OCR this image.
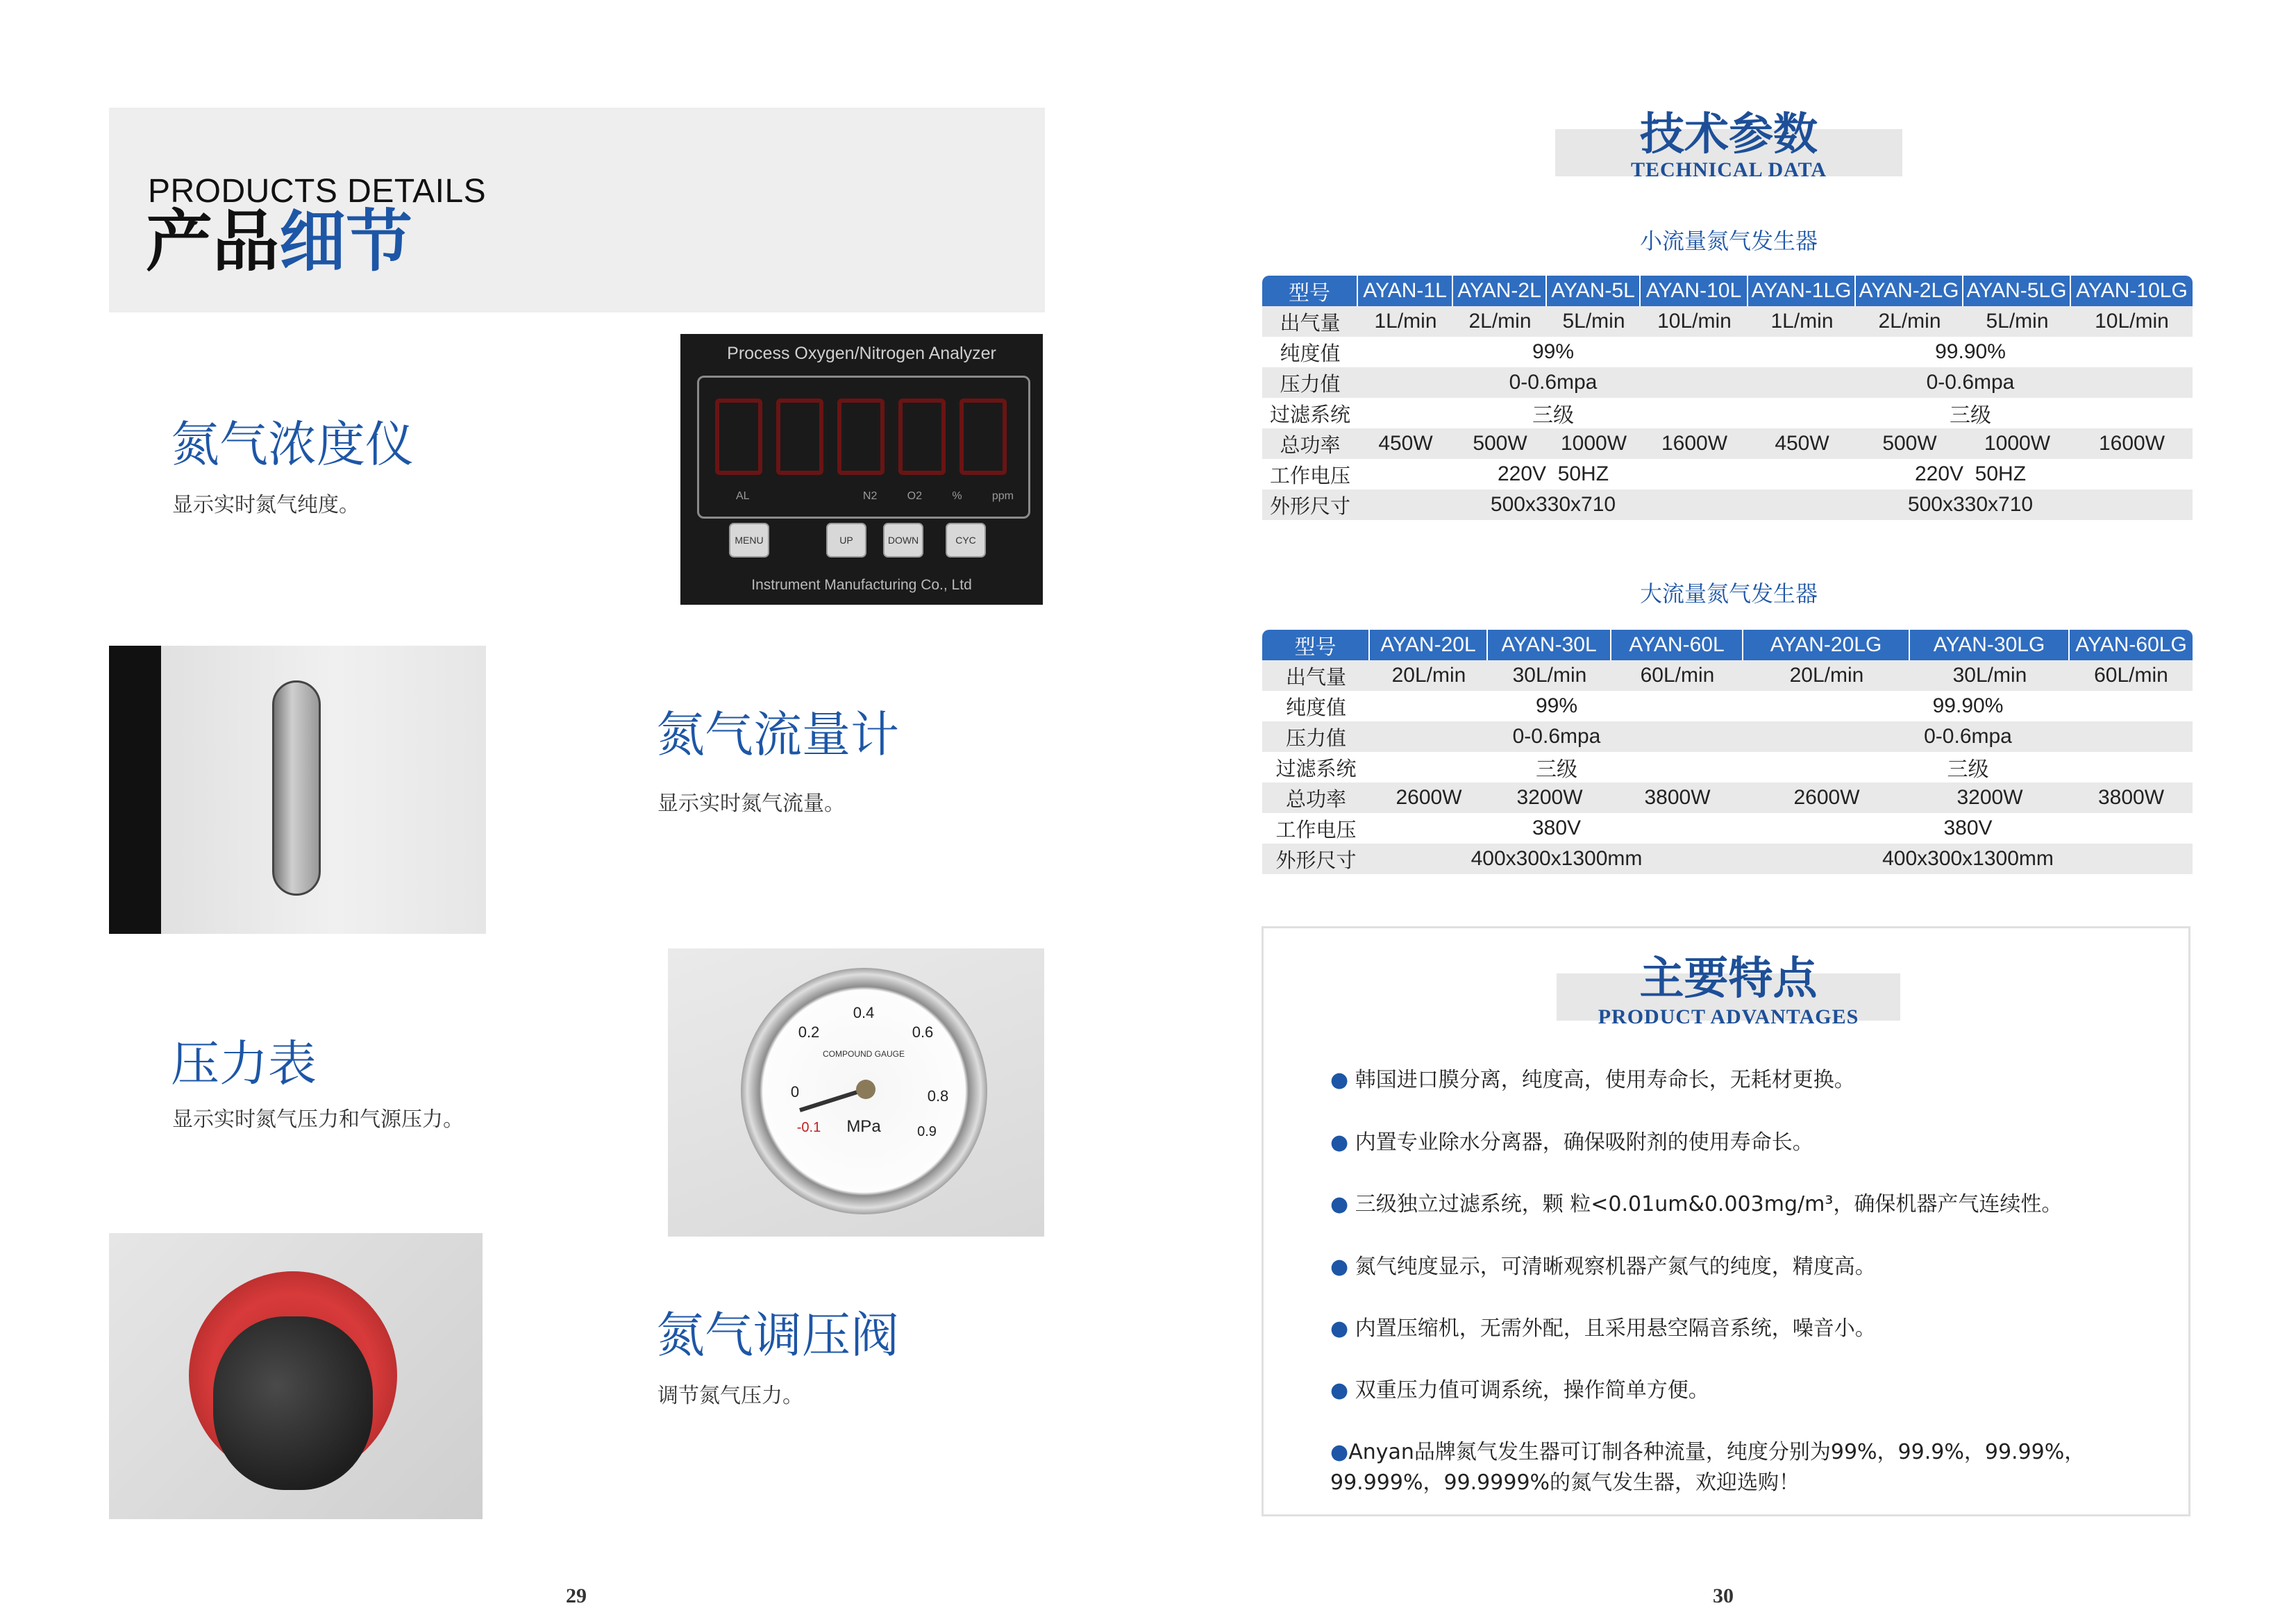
PRODUCTS DETAILS
产品细节
氮气浓度仪
显示实时氮气纯度。
Process Oxygen/Nitrogen Analyzer
AL	N2	O2	%	ppm
MENU	UP	DOWN	CYC
Instrument Manufacturing Co., Ltd
氮气流量计
显示实时氮气流量。
压力表
显示实时氮气压力和气源压力。
0.4
0.2	0.6
0	0.8
-0.1	0.9
COMPOUND GAUGE
MPa
氮气调压阀
调节氮气压力。
29
技术参数
TECHNICAL DATA
小流量氮气发生器
型号	AYAN-1L	AYAN-2L	AYAN-5L	AYAN-10L	AYAN-1LG	AYAN-2LG	AYAN-5LG	AYAN-10LG
出气量	1L/min	2L/min	5L/min	10L/min	1L/min	2L/min	5L/min	10L/min
纯度值	99%				99.90%			
压力值	0-0.6mpa				0-0.6mpa			
过滤系统	三级				三级			
总功率	450W	500W	1000W	1600W	450W	500W	1000W	1600W
工作电压	220V  50HZ				220V  50HZ			
外形尺寸	500x330x710				500x330x710			
大流量氮气发生器
型号	AYAN-20L	AYAN-30L	AYAN-60L	AYAN-20LG	AYAN-30LG	AYAN-60LG
出气量	20L/min	30L/min	60L/min	20L/min	30L/min	60L/min
纯度值	99%			99.90%		
压力值	0-0.6mpa			0-0.6mpa		
过滤系统	三级			三级		
总功率	2600W	3200W	3800W	2600W	3200W	3800W
工作电压	380V			380V		
外形尺寸	400x300x1300mm			400x300x1300mm		
主要特点
PRODUCT ADVANTAGES
● 韩国进口膜分离，纯度高，使用寿命长，无耗材更换。
● 内置专业除水分离器，确保吸附剂的使用寿命长。
● 三级独立过滤系统，颗 粒<0.01um&0.003mg/m³，确保机器产气连续性。
● 氮气纯度显示，可清晰观察机器产氮气的纯度，精度高。
● 内置压缩机，无需外配，且采用悬空隔音系统，噪音小。
● 双重压力值可调系统，操作简单方便。
●Anyan品牌氮气发生器可订制各种流量，纯度分别为99%，99.9%，99.99%，
99.999%，99.9999%的氮气发生器，欢迎选购！
30
